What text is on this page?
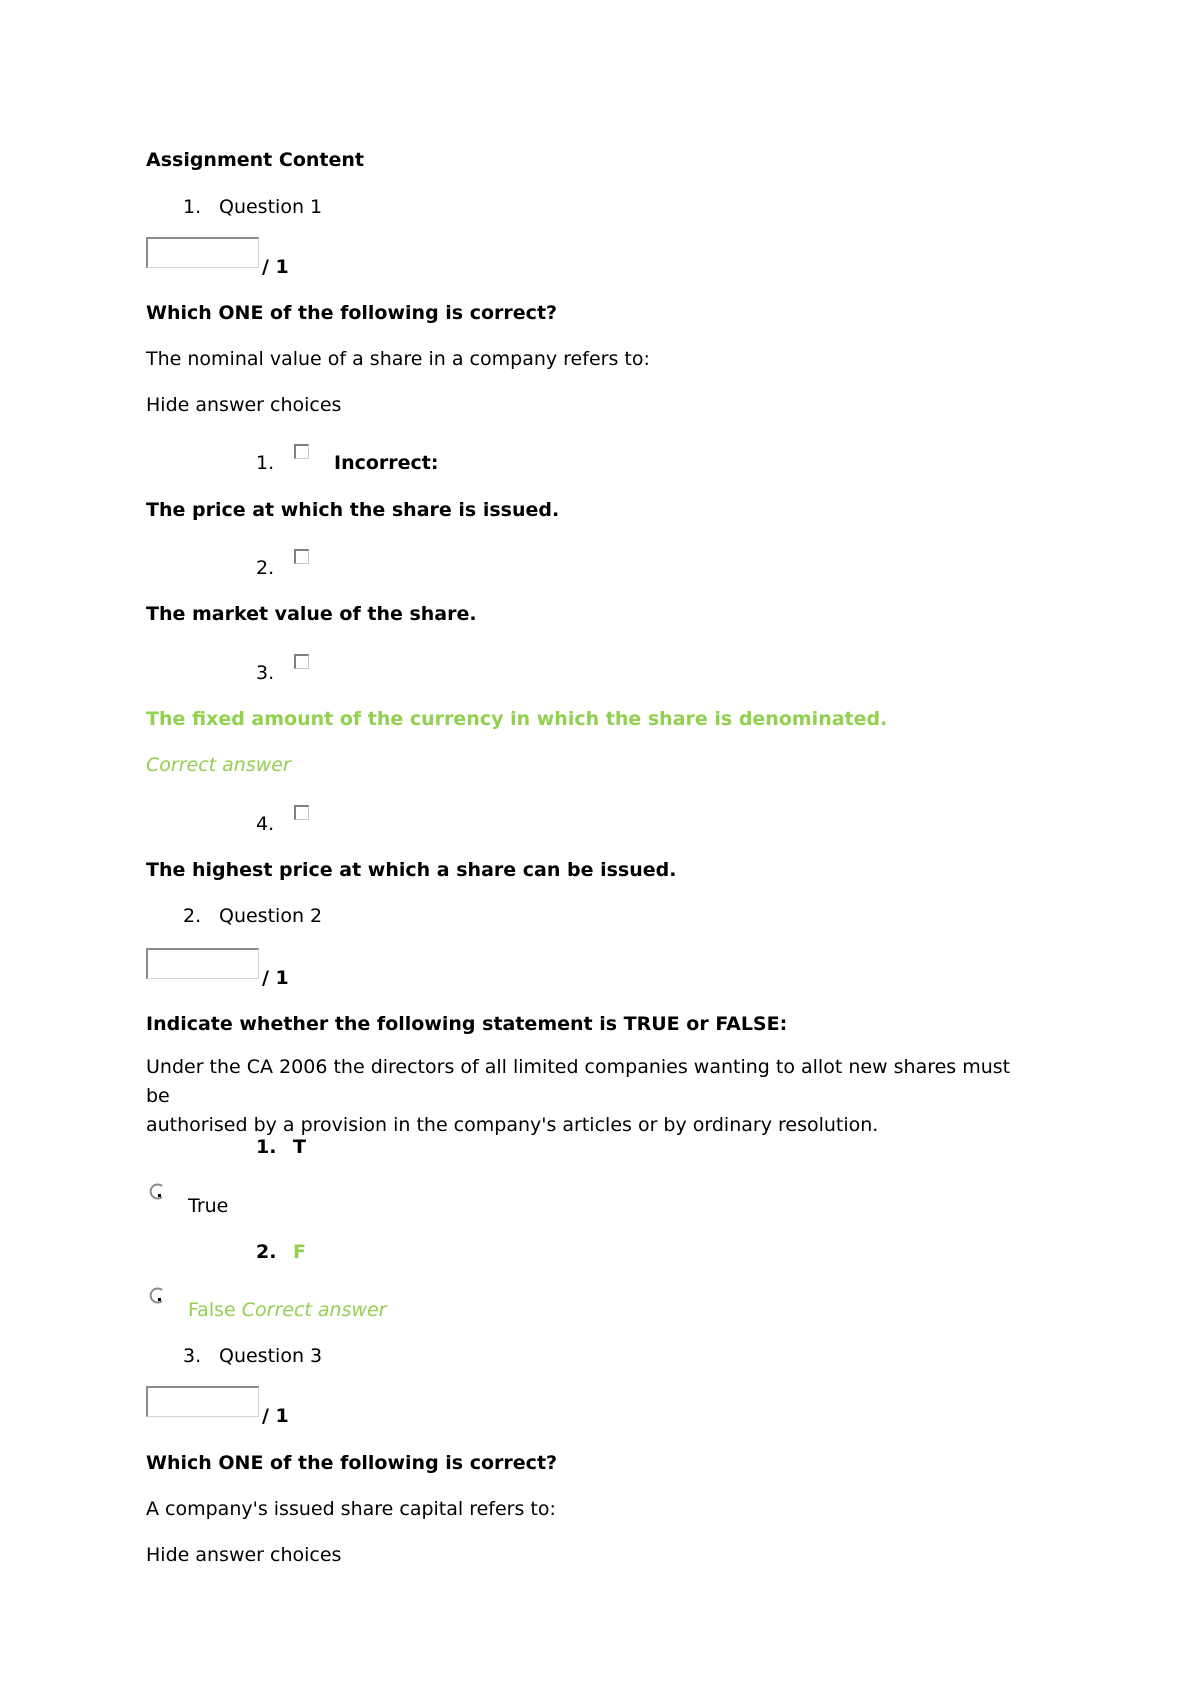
Assignment Content
1. Question 1
/ 1
Which ONE of the following is correct?
The nominal value of a share in a company refers to:
Hide answer choices
1.	Incorrect:
The price at which the share is issued.
2.
The market value of the share.
3.
The fixed amount of the currency in which the share is denominated.
Correct answer
4.
The highest price at which a share can be issued.
2. Question 2
/ 1
Indicate whether the following statement is TRUE or FALSE:
Under the CA 2006 the directors of all limited companies wanting to allot new shares must be
authorised by a provision in the company's articles or by ordinary resolution.
1. T
True
2. F
False Correct answer
3. Question 3
/ 1
Which ONE of the following is correct?
A company's issued share capital refers to:
Hide answer choices
